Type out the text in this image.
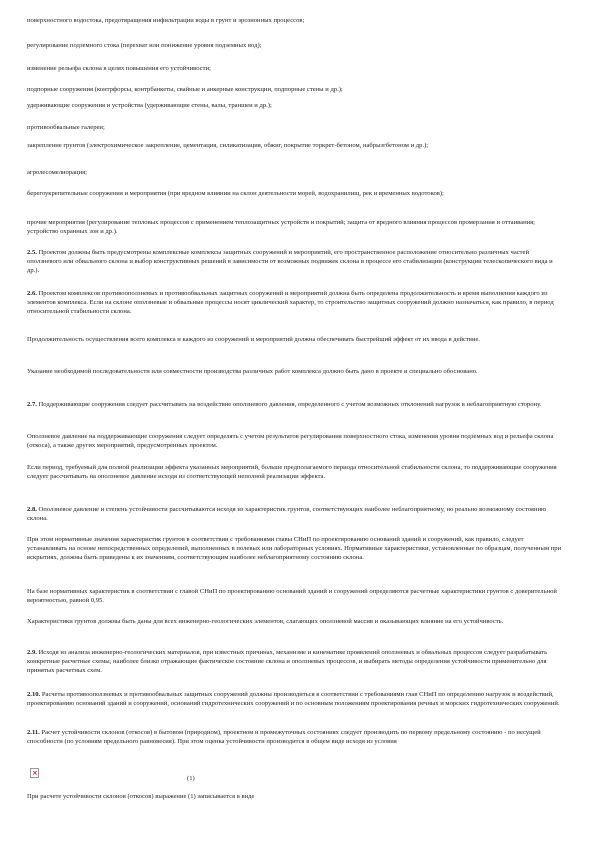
поверхностного водостока, предотвращения инфильтрации воды в грунт и эрозионных процессов;

регулирование подземного стока (перехват или понижение уровня подземных вод);

изменение рельефа склона в целях повышения его устойчивости;

подпорные сооружения (контрфорсы, контрбанкеты, свайные и анкерные конструкции, подпорные стены и др.);

удерживающие сооружения и устройства (удерживающие стены, валы, траншеи и др.);

противообвальные галереи;

закрепление грунтов (электрохимическое закрепление, цементация, силикатизация, обжиг, покрытие торкрет-бетоном, набрызгбетоном и др.);

агролесомелиорация;

берегоукрепительные сооружения и мероприятия (при вредном влиянии на склон деятельности морей, водохранилищ, рек и временных водотоков);

прочие мероприятия (регулирование тепловых процессов с применением теплозащитных устройств и покрытий; защита от вредного влияния процессов промерзания и оттаивания; устройство охранных зон и др.).

2.5. Проектом должны быть предусмотрены комплексные комплексы защитных сооружений и мероприятий, его пространственное расположение относительно различных частей оползневого или обвального склона и выбор конструктивных решений в зависимости от возможных подвижек склона в процессе его стабилизации (конструкции телескопического вида и др.).

2.6. Проектом комплексов противооползневых и противообвальных защитных сооружений и мероприятий должна быть определена продолжительность и время выполнения каждого из элементов комплекса. Если на склоне оползневые и обвальные процессы носят циклический характер, то строительство защитных сооружений должно назначаться, как правило, в период относительной стабильности склона.

Продолжительность осуществления всего комплекса и каждого из сооружений и мероприятий должна обеспечивать быстрейший эффект от их ввода в действие.

Указание необходимой последовательности или совместности производства различных работ комплекса должно быть дано в проекте и специально обосновано.

2.7. Поддерживающие сооружения следует рассчитывать на воздействие оползневого давления, определенного с учетом возможных отклонений нагрузок в неблагоприятную сторону.

Оползневое давление на поддерживающие сооружения следует определять с учетом результатов регулирования поверхностного стока, изменения уровня подземных вод и рельефа склона (откоса), а также других мероприятий, предусмотренных проектом.

Если период, требуемый для полной реализации эффекта указанных мероприятий, больше предполагаемого периода относительной стабильности склона, то поддерживающие сооружения следует рассчитывать на оползневое давление исходя из соответствующей неполной реализации эффекта.

2.8. Оползневое давление и степень устойчивости рассчитываются исходя из характеристик грунтов, соответствующих наиболее неблагоприятному, но реально возможному состоянию склона.

При этом нормативные значения характеристик грунтов в соответствии с требованиями главы СНиП по проектированию оснований зданий и сооружений, как правило, следует устанавливать на основе непосредственных определений, выполненных в полевых или лабораторных условиях. Нормативные характеристики, установленные по образцам, полученным при вскрытиях, должны быть приведены к их значениям, соответствующим наиболее неблагоприятному состоянию склона.

На базе нормативных характеристик в соответствии с главой СНиП по проектированию оснований зданий и сооружений определяются расчетные характеристики грунтов с доверительной вероятностью, равной 0,95.

Характеристики грунтов должны быть даны для всех инженерно-геологических элементов, слагающих оползневой массив и оказывающих влияние на его устойчивость.

2.9. Исходя из анализа инженерно-геологических материалов, при известных причинах, механизме и кинематике проявлений оползневых и обвальных процессов следует разрабатывать конкретные расчетные схемы, наиболее близко отражающие фактическое состояние склона и оползневых процессов, и выбирать методы определения устойчивости применительно для принятых расчетных схем.

2.10. Расчеты противооползневых и противообвальных защитных сооружений должны производиться в соответствии с требованиями глав СНиП по определению нагрузок и воздействий, проектированию оснований зданий и сооружений, оснований гидротехнических сооружений и по основным положениям проектирования речных и морских гидротехнических сооружений.

2.11. Расчет устойчивости склонов (откосов) в бытовом (природном), проектном и промежуточных состояниях следует производить по первому предельному состоянию - по несущей способности (по условиям предельного равновесия). При этом оценка устойчивости производится в общем виде исходя из условия

×
(1)

При расчете устойчивости склонов (откосов) выражение (1) записывается в виде
